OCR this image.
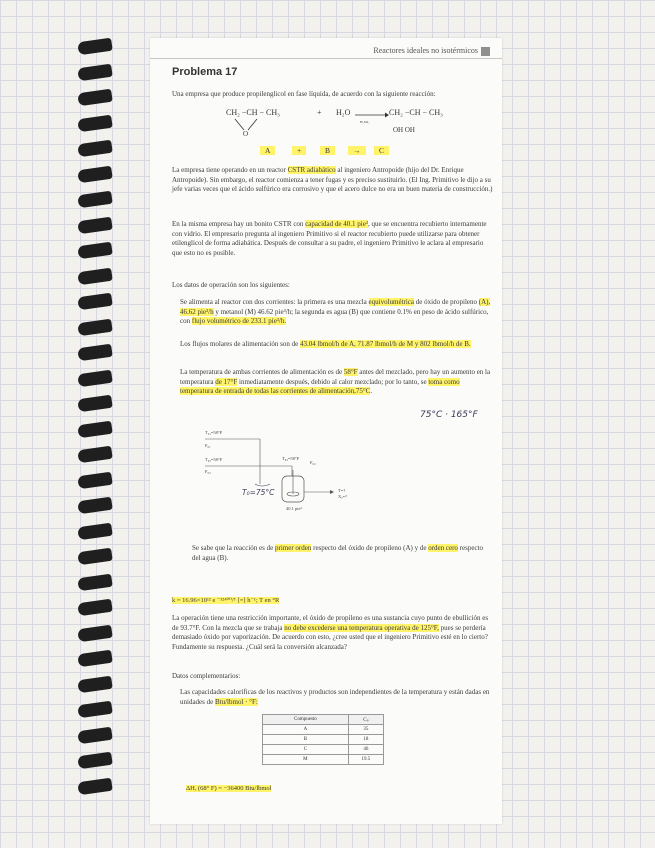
Reactores ideales no isotérmicos
Problema 17
Una empresa que produce propilenglicol en fase líquida, de acuerdo con la siguiente reacción:
CH₂ −CH − CH₃
O
+ H₂O →
H₂SO₄
CH₂ −CH − CH₃
OH OH
A	+	B	→	C
La empresa tiene operando en un reactor CSTR adiabático al ingeniero Antropoide (hijo del Dr. Enrique Antropoide). Sin embargo, el reactor comienza a tener fugas y es preciso sustituirlo. (El Ing. Primitivo le dijo a su jefe varias veces que el ácido sulfúrico era corrosivo y que el acero dulce no era un buen materia de construcción.)
En la misma empresa hay un bonito CSTR con capacidad de 40.1 pie³, que se encuentra recubierto internamente con vidrio. El empresario pregunta al ingeniero Primitivo si el reactor recubierto puede utilizarse para obtener etilenglicol de forma adiabática. Después de consultar a su padre, el ingeniero Primitivo le aclara al empresario que esto no es posible.
Los datos de operación son los siguientes:
Se alimenta al reactor con dos corrientes: la primera es una mezcla equivolumétrica de óxido de propileno (A), 46.62 pie³/h y metanol (M) 46.62 pie³/h; la segunda es agua (B) que contiene 0.1% en peso de ácido sulfúrico, con flujo volumétrico de 233.1 pie³/h.
Los flujos molares de alimentación son de 43.04 lbmol/h de A, 71.87 lbmol/h de M y 802 lbmol/h de B.
La temperatura de ambas corrientes de alimentación es de 58°F antes del mezclado, pero hay un aumento en la temperatura de 17°F inmediatamente después, debido al calor mezclado; por lo tanto, se toma como temperatura de entrada de todas las corrientes de alimentación,75°C.
75°C · 165°F
T₀₁=58°F
F₀₁
T₀₂=58°F
F₀₂
T₀₃=58°F
F₀₃
T=?
Xₐ=?
40.1 pie³
T₀=75°C
Se sabe que la reacción es de primer orden respecto del óxido de propileno (A) y de orden cero respecto del agua (B).
k = 16.96×10¹² e ⁻³²⁴⁰⁰/ᵀ [=] h⁻¹; T en °R
La operación tiene una restricción importante, el óxido de propileno es una sustancia cuyo punto de ebullición es de 93.7°F. Con la mezcla que se trabaja no debe excederse una temperatura operativa de 125°F, pues se perdería demasiado óxido por vaporización. De acuerdo con esto, ¿cree usted que el ingeniero Primitivo esté en lo cierto? Fundamente su respuesta. ¿Cuál será la conversión alcanzada?
Datos complementarios:
Las capacidades caloríficas de los reactivos y productos son independientes de la temperatura y están dadas en unidades de Btu/lbmol · °F:
Compuesto	Cₚ
A	35
B	18
C	46
M	19.5
ΔHᵣ (68° F) = −36400 Btu/lbmol
